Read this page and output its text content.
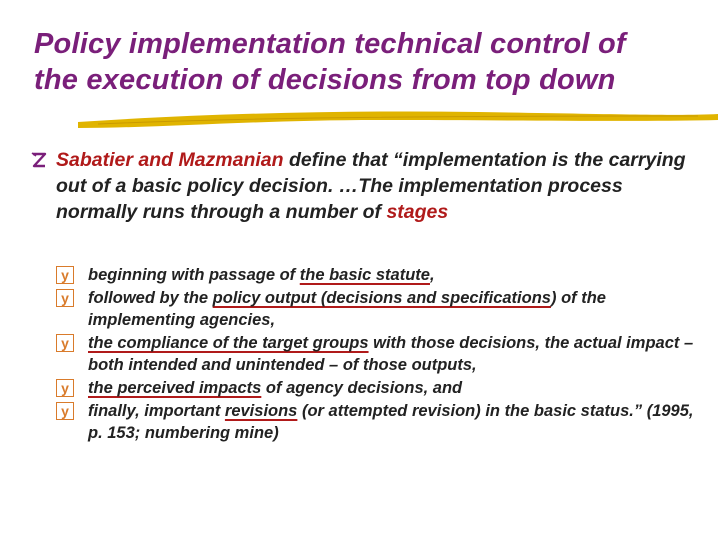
Policy implementation technical control of
the execution of decisions from top down
Sabatier and Mazmanian define that “implementation is the carrying out of a basic policy decision. …The implementation process normally runs through a number of stages
y	beginning with passage of the basic statute,
y	followed by the policy output (decisions and specifications) of the implementing agencies,
y	the compliance of the target groups with those decisions, the actual impact – both intended and unintended – of those outputs,
y	the perceived impacts of agency decisions, and
y	finally, important revisions (or attempted revision) in the basic status.” (1995, p. 153; numbering mine)
